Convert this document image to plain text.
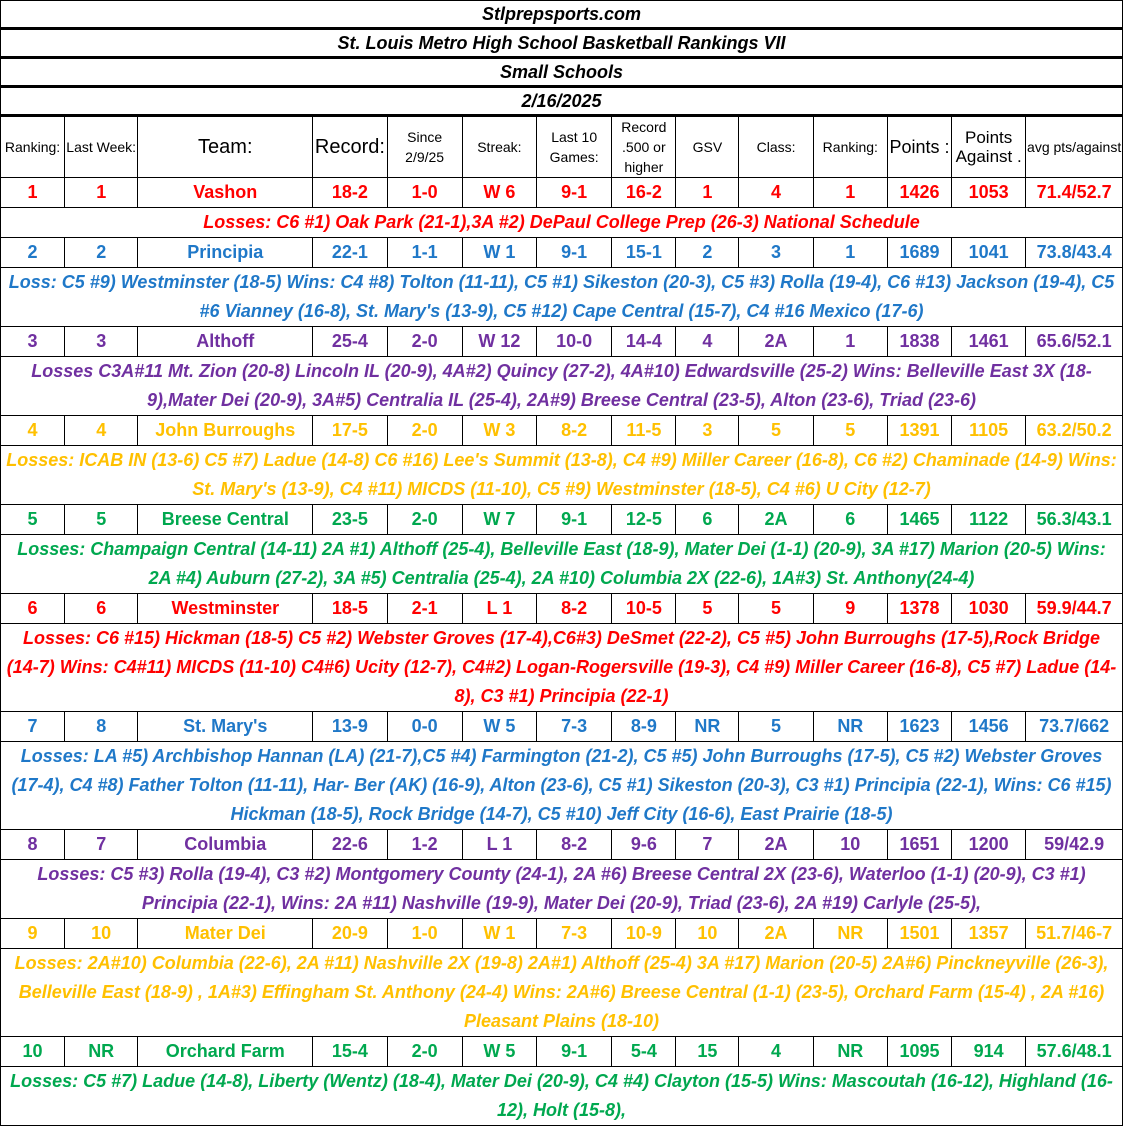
Stlprepsports.com
St. Louis Metro High School Basketball Rankings VII
Small Schools
2/16/2025
Ranking:	Last Week:	Team:	Record:	Since 2/9/25	Streak:	Last 10 Games:	Record .500 or higher	GSV	Class:	Ranking:	Points :	Points Against .	avg pts/against
1	1	Vashon	18-2	1-0	W 6	9-1	16-2	1	4	1	1426	1053	71.4/52.7
Losses: C6 #1) Oak Park (21-1),3A #2) DePaul College Prep (26-3) National Schedule													
2	2	Principia	22-1	1-1	W 1	9-1	15-1	2	3	1	1689	1041	73.8/43.4
Loss: C5 #9) Westminster (18-5) Wins: C4 #8) Tolton (11-11), C5 #1) Sikeston (20-3), C5 #3) Rolla (19-4), C6 #13) Jackson (19-4), C5 #6 Vianney (16-8), St. Mary's (13-9), C5 #12) Cape Central (15-7), C4 #16 Mexico (17-6)													
3	3	Althoff	25-4	2-0	W 12	10-0	14-4	4	2A	1	1838	1461	65.6/52.1
Losses C3A#11 Mt. Zion (20-8) Lincoln IL (20-9), 4A#2) Quincy (27-2), 4A#10) Edwardsville (25-2) Wins: Belleville East 3X (18-9),Mater Dei (20-9), 3A#5) Centralia IL (25-4), 2A#9) Breese Central (23-5), Alton (23-6), Triad (23-6)													
4	4	John Burroughs	17-5	2-0	W 3	8-2	11-5	3	5	5	1391	1105	63.2/50.2
Losses: ICAB IN (13-6) C5 #7) Ladue (14-8) C6 #16) Lee's Summit (13-8), C4 #9) Miller Career (16-8), C6 #2) Chaminade (14-9) Wins: St. Mary's (13-9), C4 #11) MICDS (11-10), C5 #9) Westminster (18-5), C4 #6) U City (12-7)													
5	5	Breese Central	23-5	2-0	W 7	9-1	12-5	6	2A	6	1465	1122	56.3/43.1
Losses: Champaign Central (14-11) 2A #1) Althoff (25-4), Belleville East (18-9), Mater Dei (1-1) (20-9), 3A #17) Marion (20-5) Wins: 2A #4) Auburn (27-2), 3A #5) Centralia (25-4), 2A #10) Columbia 2X (22-6), 1A#3) St. Anthony(24-4)													
6	6	Westminster	18-5	2-1	L 1	8-2	10-5	5	5	9	1378	1030	59.9/44.7
Losses: C6 #15) Hickman (18-5) C5 #2) Webster Groves (17-4),C6#3) DeSmet (22-2), C5 #5) John Burroughs (17-5),Rock Bridge (14-7) Wins: C4#11) MICDS (11-10) C4#6) Ucity (12-7), C4#2) Logan-Rogersville (19-3), C4 #9) Miller Career (16-8), C5 #7) Ladue (14-8), C3 #1) Principia (22-1)													
7	8	St. Mary's	13-9	0-0	W 5	7-3	8-9	NR	5	NR	1623	1456	73.7/662
Losses: LA #5) Archbishop Hannan (LA) (21-7),C5 #4) Farmington (21-2), C5 #5) John Burroughs (17-5), C5 #2) Webster Groves (17-4), C4 #8) Father Tolton (11-11), Har- Ber (AK) (16-9), Alton (23-6), C5 #1) Sikeston (20-3), C3 #1) Principia (22-1), Wins: C6 #15) Hickman (18-5), Rock Bridge (14-7), C5 #10) Jeff City (16-6), East Prairie (18-5)													
8	7	Columbia	22-6	1-2	L 1	8-2	9-6	7	2A	10	1651	1200	59/42.9
Losses: C5 #3) Rolla (19-4), C3 #2) Montgomery County (24-1), 2A #6) Breese Central 2X (23-6), Waterloo (1-1) (20-9), C3 #1) Principia (22-1), Wins: 2A #11) Nashville (19-9), Mater Dei (20-9), Triad (23-6), 2A #19) Carlyle (25-5),													
9	10	Mater Dei	20-9	1-0	W 1	7-3	10-9	10	2A	NR	1501	1357	51.7/46-7
Losses: 2A#10) Columbia (22-6), 2A #11) Nashville 2X (19-8) 2A#1) Althoff (25-4) 3A #17) Marion (20-5) 2A#6) Pinckneyville (26-3), Belleville East (18-9) , 1A#3) Effingham St. Anthony (24-4) Wins: 2A#6) Breese Central (1-1) (23-5), Orchard Farm (15-4) , 2A #16) Pleasant Plains (18-10)													
10	NR	Orchard Farm	15-4	2-0	W 5	9-1	5-4	15	4	NR	1095	914	57.6/48.1
Losses: C5 #7) Ladue (14-8), Liberty (Wentz) (18-4), Mater Dei (20-9), C4 #4) Clayton (15-5) Wins: Mascoutah (16-12), Highland (16-12), Holt (15-8),													
